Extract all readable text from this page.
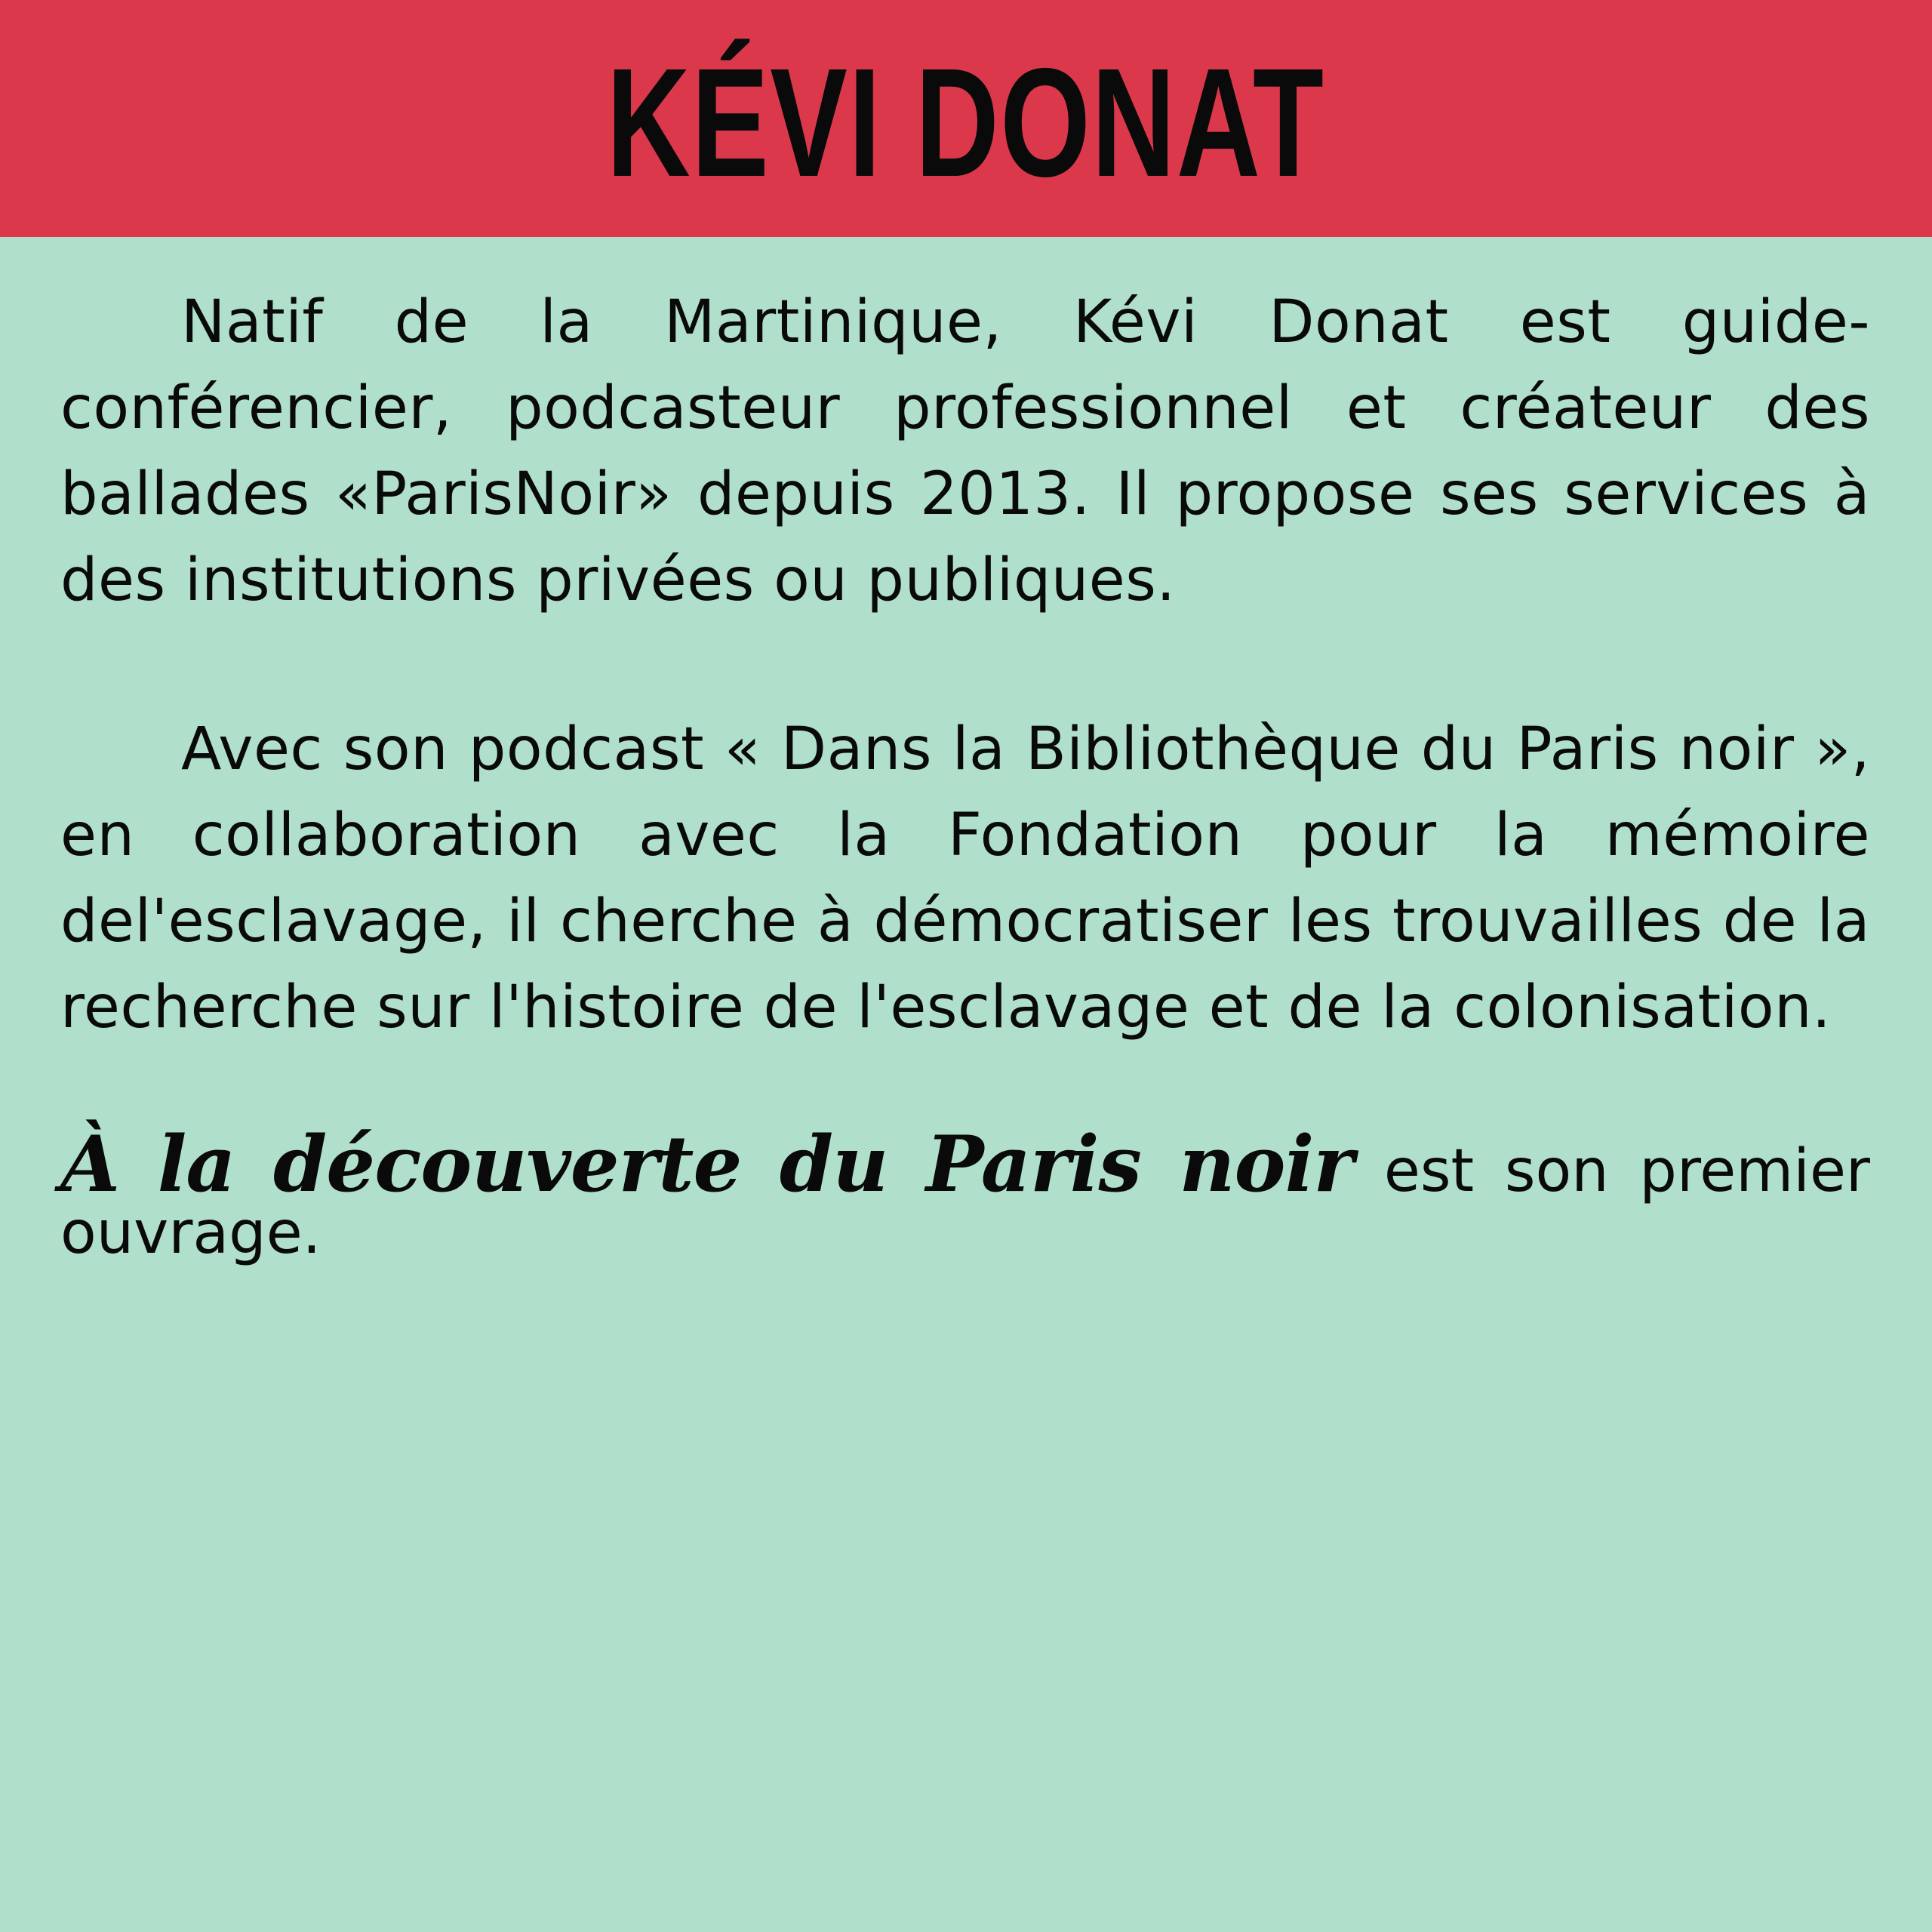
KÉVI DONAT

Natif de la Martinique, Kévi Donat est guide-conférencier, podcasteur professionnel et créateur des ballades «ParisNoir» depuis 2013. Il propose ses services à des institutions privées ou publiques.

Avec son podcast « Dans la Bibliothèque du Paris noir », en collaboration avec la Fondation pour la mémoire del'esclavage, il cherche à démocratiser les trouvailles de la recherche sur l'histoire de l'esclavage et de la colonisation.

À la découverte du Paris noir est son premier ouvrage.
